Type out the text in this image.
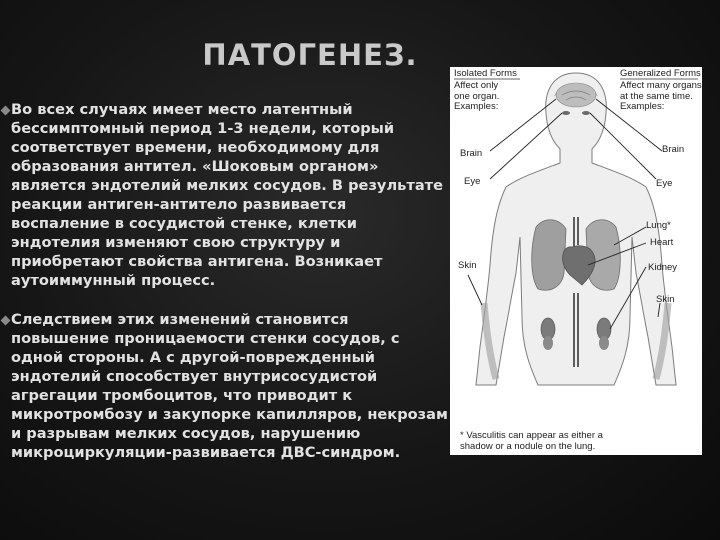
ПАТОГЕНЕЗ.

Во всех случаях имеет место латентный бессимптомный период 1-3 недели, который соответствует времени, необходимому для образования антител. «Шоковым органом» является эндотелий мелких сосудов. В результате реакции антиген-антитело развивается воспаление в сосудистой стенке, клетки эндотелия изменяют свою структуру и приобретают свойства антигена. Возникает аутоиммунный процесс.

Следствием этих изменений становится повышение проницаемости стенки сосудов, с одной стороны. А с другой-поврежденный эндотелий способствует внутрисосудистой агрегации тромбоцитов, что приводит к микротромбозу и закупорке капилляров, некрозам и разрывам мелких сосудов, нарушению микроциркуляции-развивается ДВС-синдром.

Isolated Forms
Affect only
one organ.
Examples:
Generalized Forms
Affect many organs
at the same time.
Examples:
Brain
Eye
Brain
Eye
Lung*
Heart
Kidney
Skin
Skin
* Vasculitis can appear as either a
shadow or a nodule on the lung.
